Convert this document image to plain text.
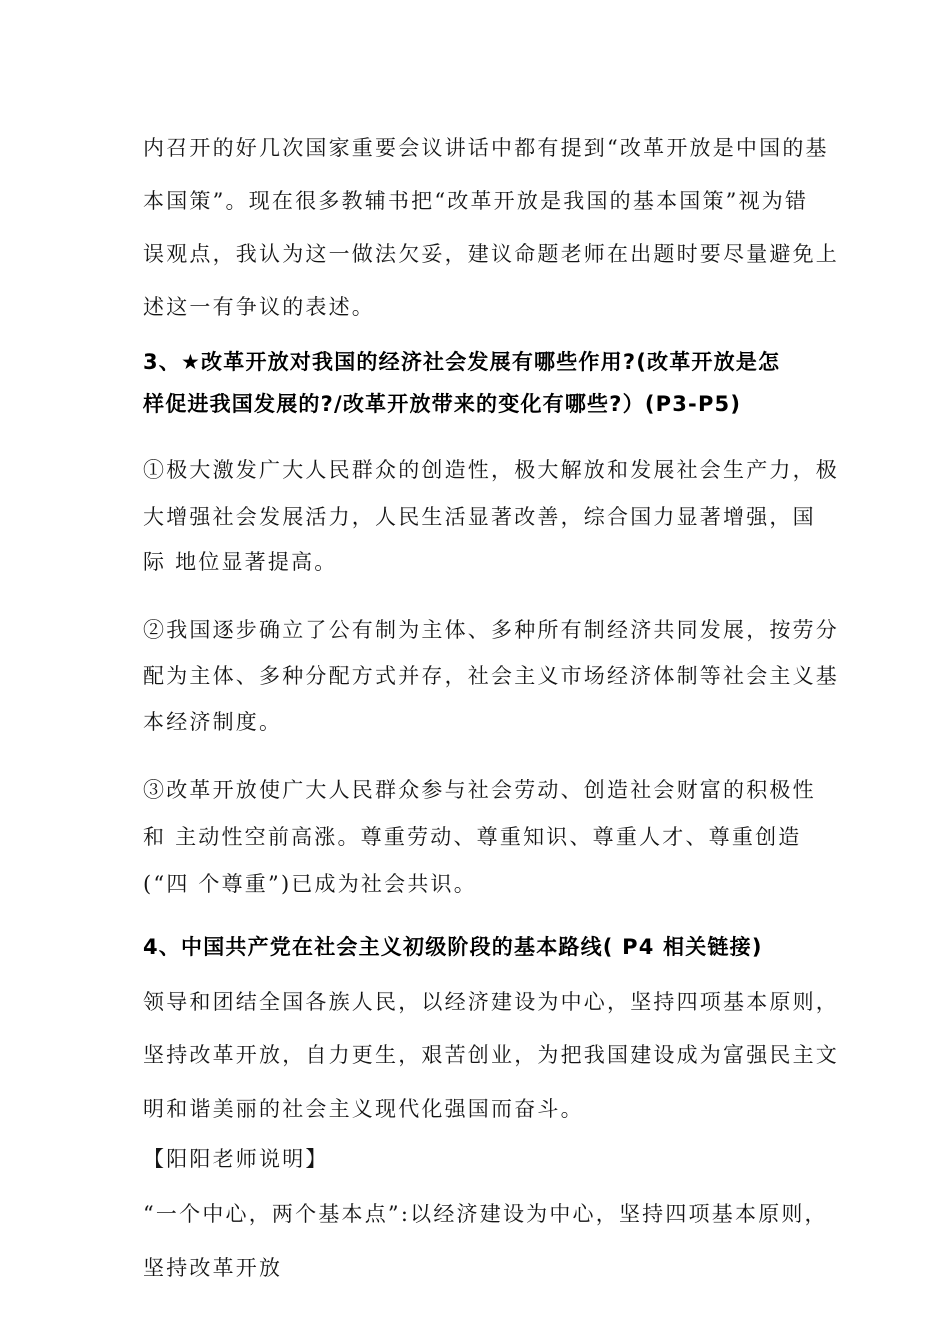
内召开的好几次国家重要会议讲话中都有提到“改革开放是中国的基
本国策”。现在很多教辅书把“改革开放是我国的基本国策”视为错
误观点，我认为这一做法欠妥，建议命题老师在出题时要尽量避免上
述这一有争议的表述。
3、★改革开放对我国的经济社会发展有哪些作用?(改革开放是怎
样促进我国发展的?/改革开放带来的变化有哪些?）(P3-P5)
①极大激发广大人民群众的创造性，极大解放和发展社会生产力，极
大增强社会发展活力，人民生活显著改善，综合国力显著增强，国
际 地位显著提高。
②我国逐步确立了公有制为主体、多种所有制经济共同发展，按劳分
配为主体、多种分配方式并存，社会主义市场经济体制等社会主义基
本经济制度。
③改革开放使广大人民群众参与社会劳动、创造社会财富的积极性
和 主动性空前高涨。尊重劳动、尊重知识、尊重人才、尊重创造
(“四 个尊重”)已成为社会共识。
4、中国共产党在社会主义初级阶段的基本路线( P4 相关链接)
领导和团结全国各族人民，以经济建设为中心，坚持四项基本原则，
坚持改革开放，自力更生，艰苦创业，为把我国建设成为富强民主文
明和谐美丽的社会主义现代化强国而奋斗。
【阳阳老师说明】
“一个中心，两个基本点”:以经济建设为中心，坚持四项基本原则，
坚持改革开放
